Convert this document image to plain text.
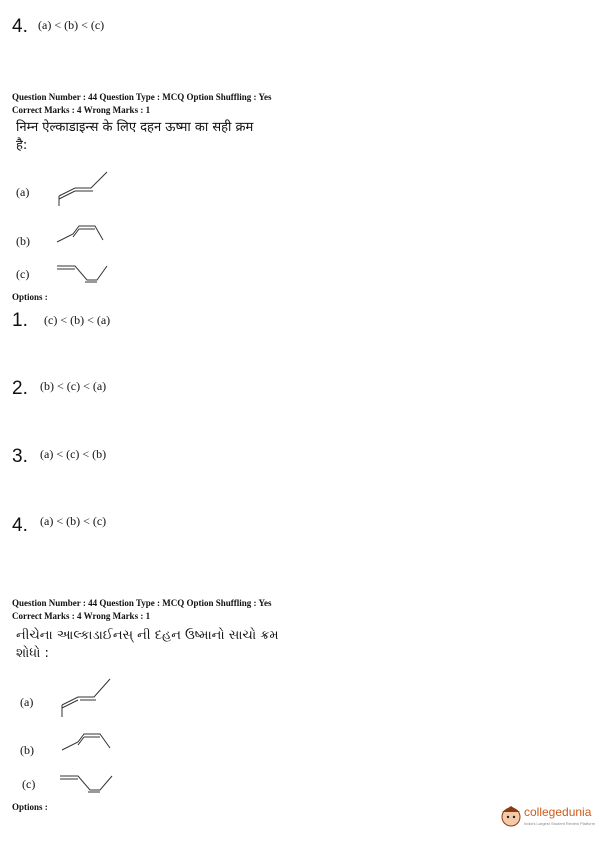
4. (a) < (b) < (c)
Question Number : 44 Question Type : MCQ Option Shuffling : Yes
Correct Marks : 4 Wrong Marks : 1
निम्न ऐल्काडाइन्स के लिए दहन ऊष्मा का सही क्रम
है:
(a)
(b)
(c)
Options :
1. (c) < (b) < (a)
2. (b) < (c) < (a)
3. (a) < (c) < (b)
4. (a) < (b) < (c)
Question Number : 44 Question Type : MCQ Option Shuffling : Yes
Correct Marks : 4 Wrong Marks : 1
નીચેના આલ્કાડાઈનસ્ ની દહન ઉષ્માનો સાચો ક્રમ
શોધો :
(a)
(b)
(c)
Options :	collegedunia
India's Largest Student Review Platform
